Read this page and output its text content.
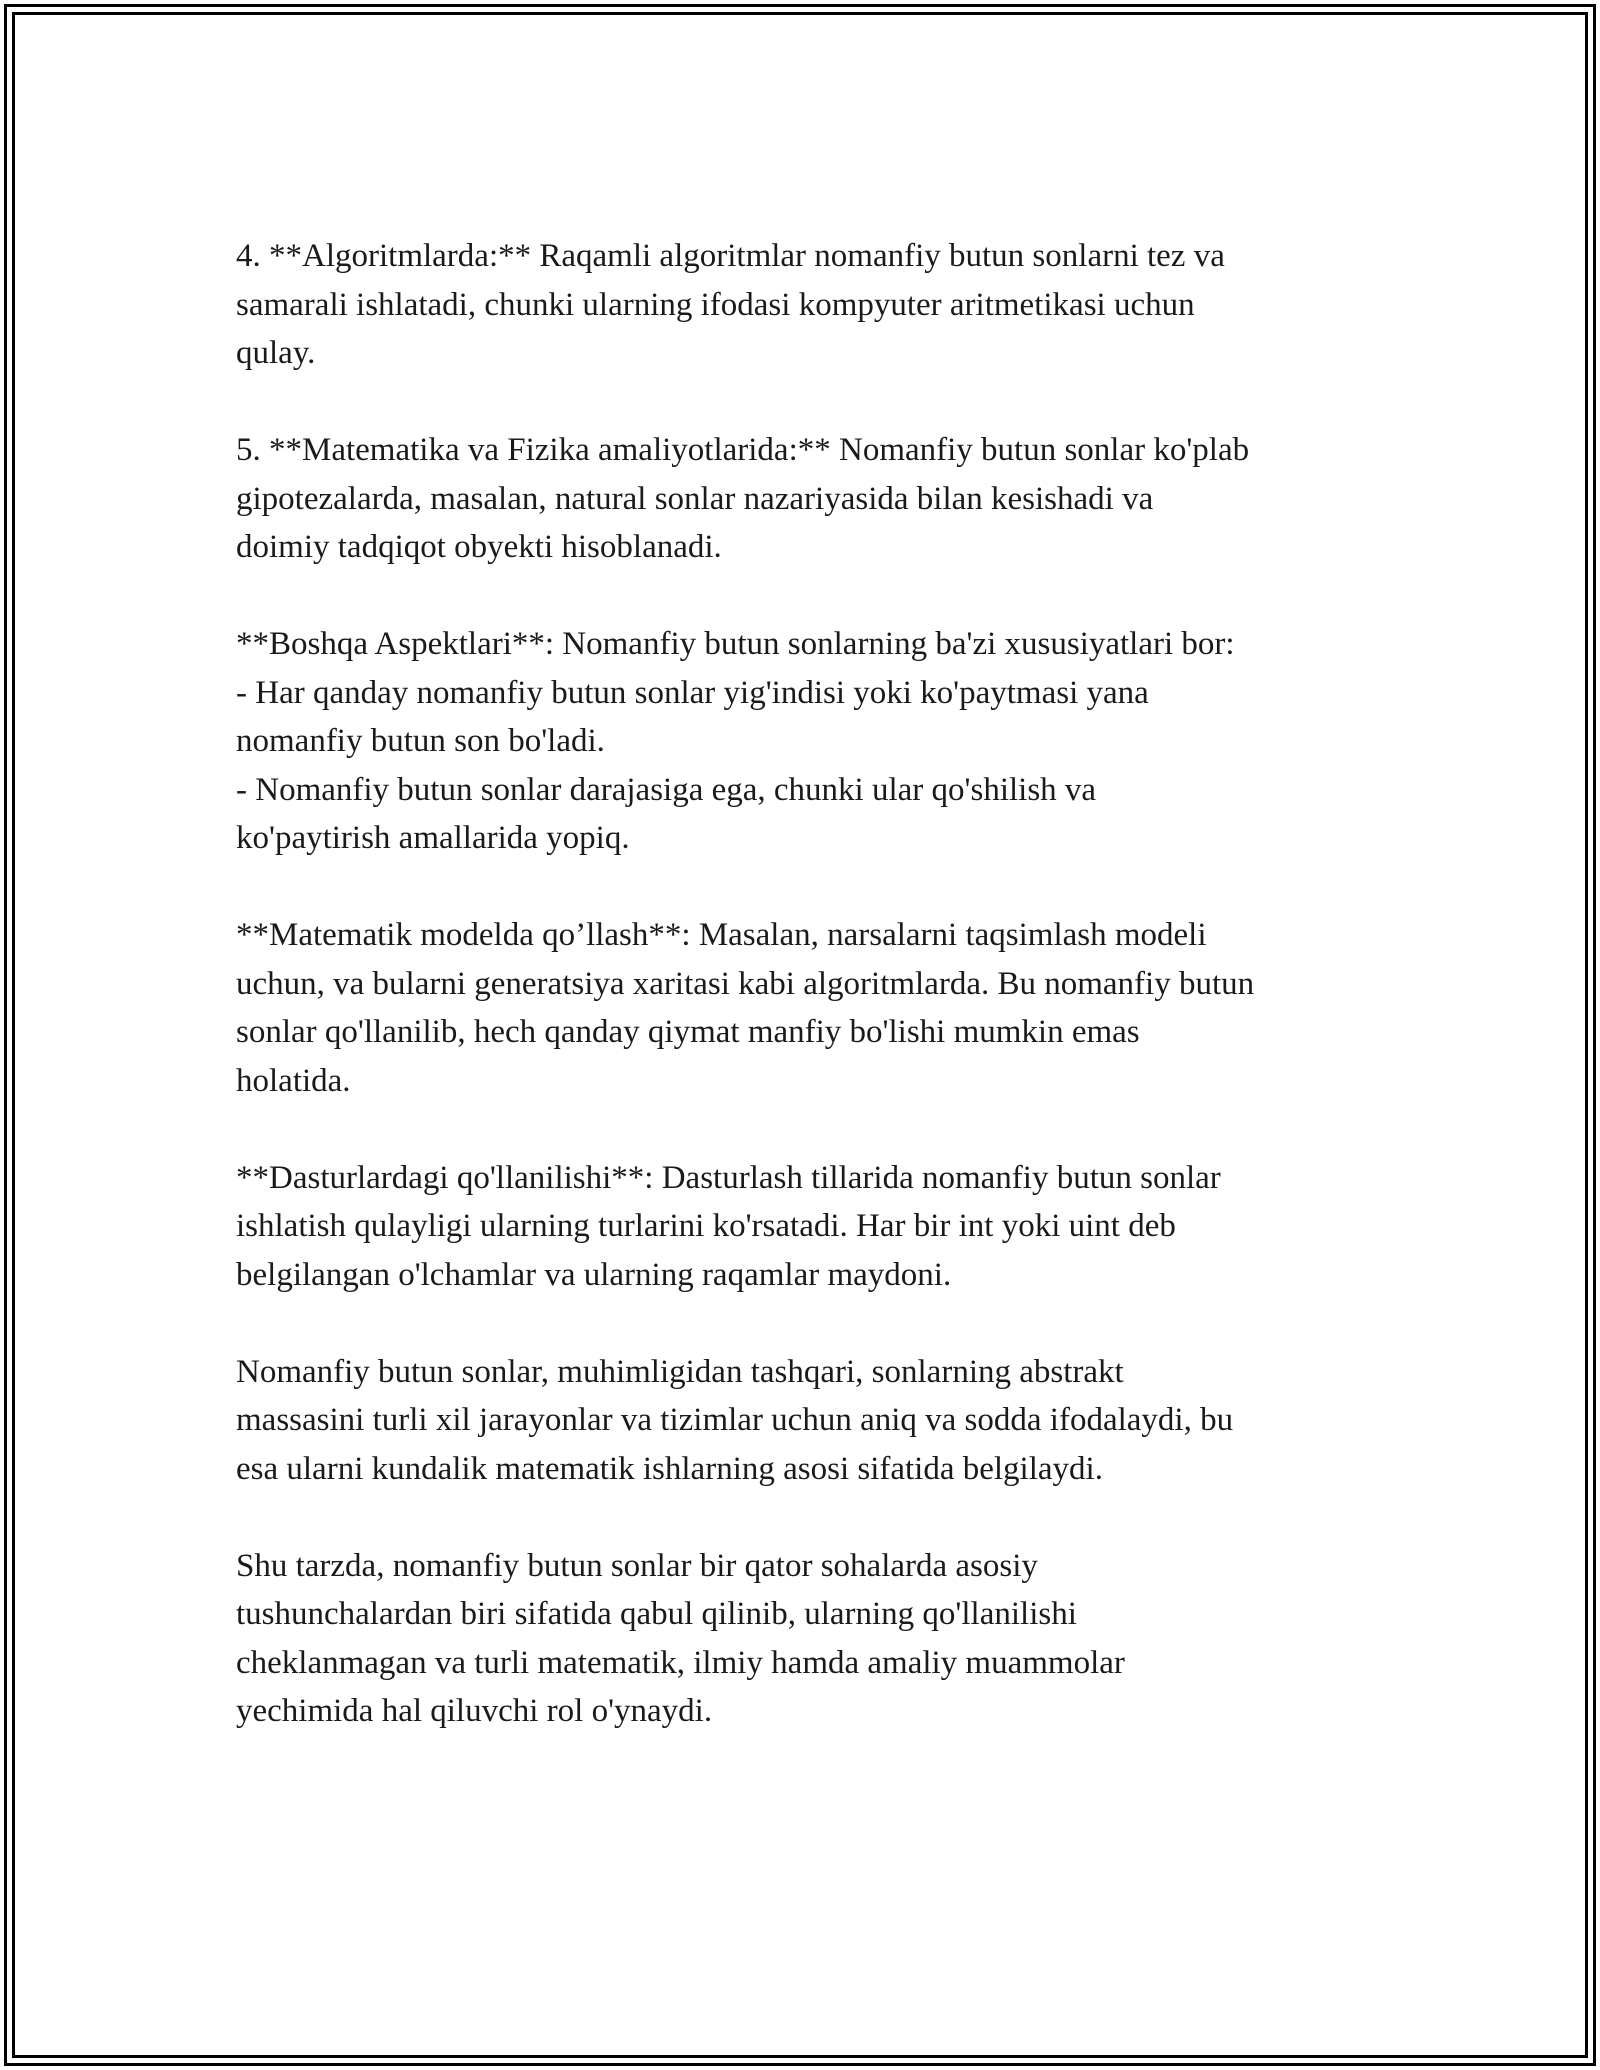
4. **Algoritmlarda:** Raqamli algoritmlar nomanfiy butun sonlarni tez va
samarali ishlatadi, chunki ularning ifodasi kompyuter aritmetikasi uchun
qulay.

5. **Matematika va Fizika amaliyotlarida:** Nomanfiy butun sonlar ko'plab
gipotezalarda, masalan, natural sonlar nazariyasida bilan kesishadi va
doimiy tadqiqot obyekti hisoblanadi.

**Boshqa Aspektlari**: Nomanfiy butun sonlarning ba'zi xususiyatlari bor:
- Har qanday nomanfiy butun sonlar yig'indisi yoki ko'paytmasi yana
nomanfiy butun son bo'ladi.
- Nomanfiy butun sonlar darajasiga ega, chunki ular qo'shilish va
ko'paytirish amallarida yopiq.

**Matematik modelda qo’llash**: Masalan, narsalarni taqsimlash modeli
uchun, va bularni generatsiya xaritasi kabi algoritmlarda. Bu nomanfiy butun
sonlar qo'llanilib, hech qanday qiymat manfiy bo'lishi mumkin emas
holatida.

**Dasturlardagi qo'llanilishi**: Dasturlash tillarida nomanfiy butun sonlar
ishlatish qulayligi ularning turlarini ko'rsatadi. Har bir int yoki uint deb
belgilangan o'lchamlar va ularning raqamlar maydoni.

Nomanfiy butun sonlar, muhimligidan tashqari, sonlarning abstrakt
massasini turli xil jarayonlar va tizimlar uchun aniq va sodda ifodalaydi, bu
esa ularni kundalik matematik ishlarning asosi sifatida belgilaydi.

Shu tarzda, nomanfiy butun sonlar bir qator sohalarda asosiy
tushunchalardan biri sifatida qabul qilinib, ularning qo'llanilishi
cheklanmagan va turli matematik, ilmiy hamda amaliy muammolar
yechimida hal qiluvchi rol o'ynaydi.
